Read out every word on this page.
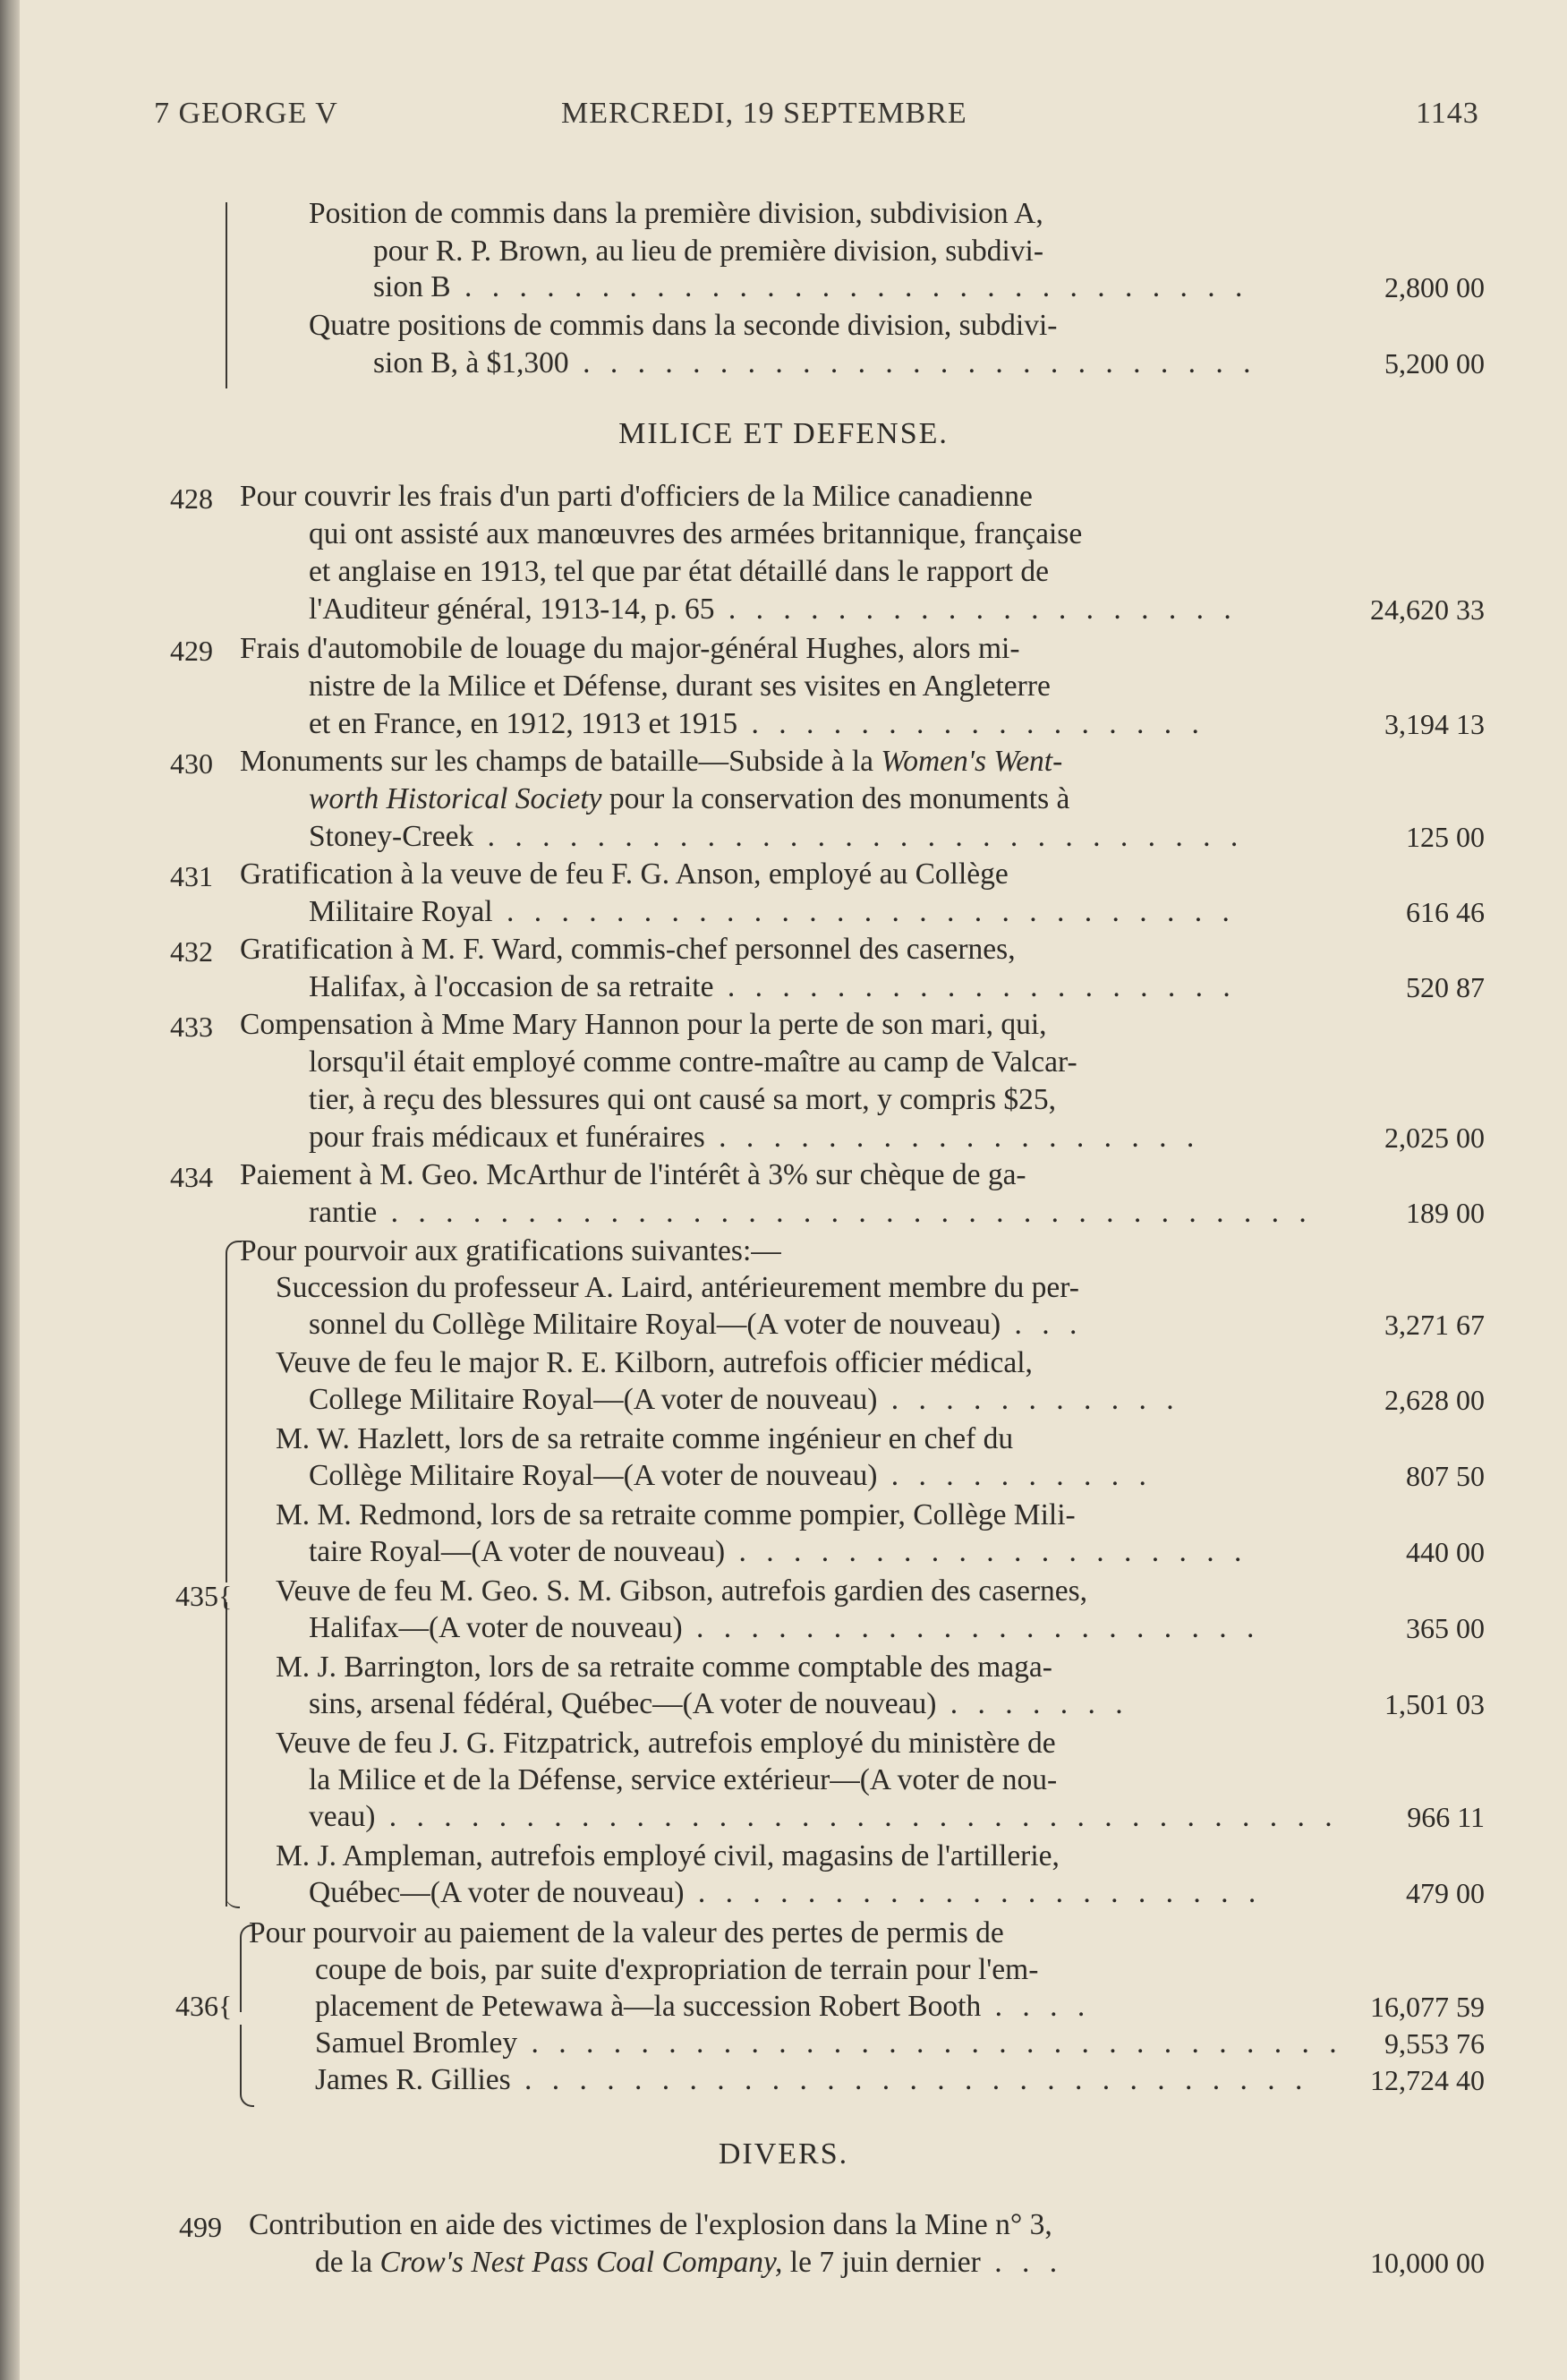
7 GEORGE V	MERCREDI, 19 SEPTEMBRE	1143
Position de commis dans la première division, subdivision A,
pour R. P. Brown, au lieu de première division, subdivi-
sion B . . . . . . . . . . . . . . . . . . . . . . . . . . . . .	2,800 00
Quatre positions de commis dans la seconde division, subdivi-
sion B, à $1,300 . . . . . . . . . . . . . . . . . . . . . . . . .	5,200 00
MILICE ET DEFENSE.
428 Pour couvrir les frais d'un parti d'officiers de la Milice canadienne
qui ont assisté aux manœuvres des armées britannique, française
et anglaise en 1913, tel que par état détaillé dans le rapport de
l'Auditeur général, 1913-14, p. 65 . . . . . . . . . . . . . . . . . . .	24,620 33
429 Frais d'automobile de louage du major-général Hughes, alors mi-
nistre de la Milice et Défense, durant ses visites en Angleterre
et en France, en 1912, 1913 et 1915 . . . . . . . . . . . . . . . . .	3,194 13
430 Monuments sur les champs de bataille—Subside à la Women's Went-
worth Historical Society pour la conservation des monuments à
Stoney-Creek . . . . . . . . . . . . . . . . . . . . . . . . . . . .	125 00
431 Gratification à la veuve de feu F. G. Anson, employé au Collège
Militaire Royal . . . . . . . . . . . . . . . . . . . . . . . . . . .	616 46
432 Gratification à M. F. Ward, commis-chef personnel des casernes,
Halifax, à l'occasion de sa retraite . . . . . . . . . . . . . . . . . . .	520 87
433 Compensation à Mme Mary Hannon pour la perte de son mari, qui,
lorsqu'il était employé comme contre-maître au camp de Valcar-
tier, à reçu des blessures qui ont causé sa mort, y compris $25,
pour frais médicaux et funéraires . . . . . . . . . . . . . . . . . .	2,025 00
434 Paiement à M. Geo. McArthur de l'intérêt à 3% sur chèque de ga-
rantie . . . . . . . . . . . . . . . . . . . . . . . . . . . . . . . . . .	189 00
435{
Pour pourvoir aux gratifications suivantes:—
Succession du professeur A. Laird, antérieurement membre du per-
sonnel du Collège Militaire Royal—(A voter de nouveau) . . .	3,271 67
Veuve de feu le major R. E. Kilborn, autrefois officier médical,
College Militaire Royal—(A voter de nouveau) . . . . . . . . . . .	2,628 00
M. W. Hazlett, lors de sa retraite comme ingénieur en chef du
Collège Militaire Royal—(A voter de nouveau) . . . . . . . . . .	807 50
M. M. Redmond, lors de sa retraite comme pompier, Collège Mili-
taire Royal—(A voter de nouveau) . . . . . . . . . . . . . . . . . . .	440 00
Veuve de feu M. Geo. S. M. Gibson, autrefois gardien des casernes,
Halifax—(A voter de nouveau) . . . . . . . . . . . . . . . . . . . . .	365 00
M. J. Barrington, lors de sa retraite comme comptable des maga-
sins, arsenal fédéral, Québec—(A voter de nouveau) . . . . . . .	1,501 03
Veuve de feu J. G. Fitzpatrick, autrefois employé du ministère de
la Milice et de la Défense, service extérieur—(A voter de nou-
veau) . . . . . . . . . . . . . . . . . . . . . . . . . . . . . . . . . . .	966 11
M. J. Ampleman, autrefois employé civil, magasins de l'artillerie,
Québec—(A voter de nouveau) . . . . . . . . . . . . . . . . . . . . .	479 00
436{
Pour pourvoir au paiement de la valeur des pertes de permis de
coupe de bois, par suite d'expropriation de terrain pour l'em-
placement de Petewawa à—la succession Robert Booth . . . .	16,077 59
Samuel Bromley . . . . . . . . . . . . . . . . . . . . . . . . . . . . . .	9,553 76
James R. Gillies . . . . . . . . . . . . . . . . . . . . . . . . . . . . .	12,724 40
DIVERS.
499 Contribution en aide des victimes de l'explosion dans la Mine n° 3,
de la Crow's Nest Pass Coal Company, le 7 juin dernier . . .	10,000 00
